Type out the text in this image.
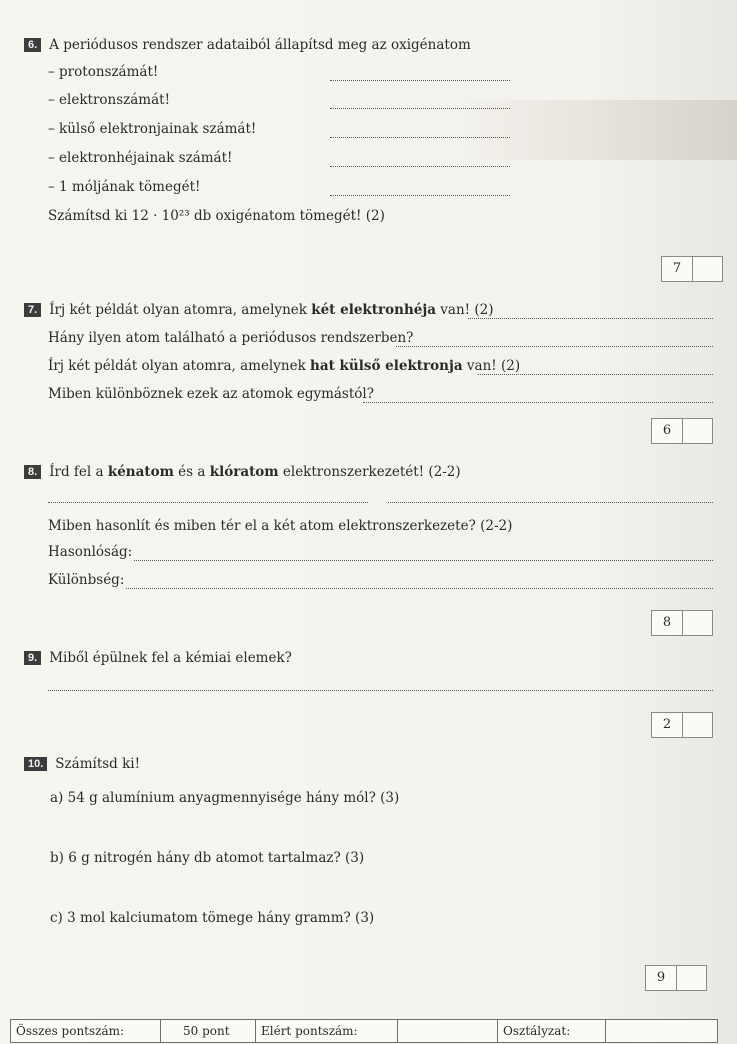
6. A periódusos rendszer adataiból állapítsd meg az oxigénatom
– protonszámát!
– elektronszámát!
– külső elektronjainak számát!
– elektronhéjainak számát!
– 1 móljának tömegét!
Számítsd ki 12 · 10²³ db oxigénatom tömegét! (2)
7
7. Írj két példát olyan atomra, amelynek két elektronhéja van! (2)
Hány ilyen atom található a periódusos rendszerben?
Írj két példát olyan atomra, amelynek hat külső elektronja van! (2)
Miben különböznek ezek az atomok egymástól?
6
8. Írd fel a kénatom és a klóratom elektronszerkezetét! (2-2)
Miben hasonlít és miben tér el a két atom elektronszerkezete? (2-2)
Hasonlóság:
Különbség:
8
9. Miből épülnek fel a kémiai elemek?
2
10. Számítsd ki!
a) 54 g alumínium anyagmennyisége hány mól? (3)
b) 6 g nitrogén hány db atomot tartalmaz? (3)
c) 3 mol kalciumatom tömege hány gramm? (3)
9
Összes pontszám:	50 pont	Elért pontszám:	Osztályzat:
